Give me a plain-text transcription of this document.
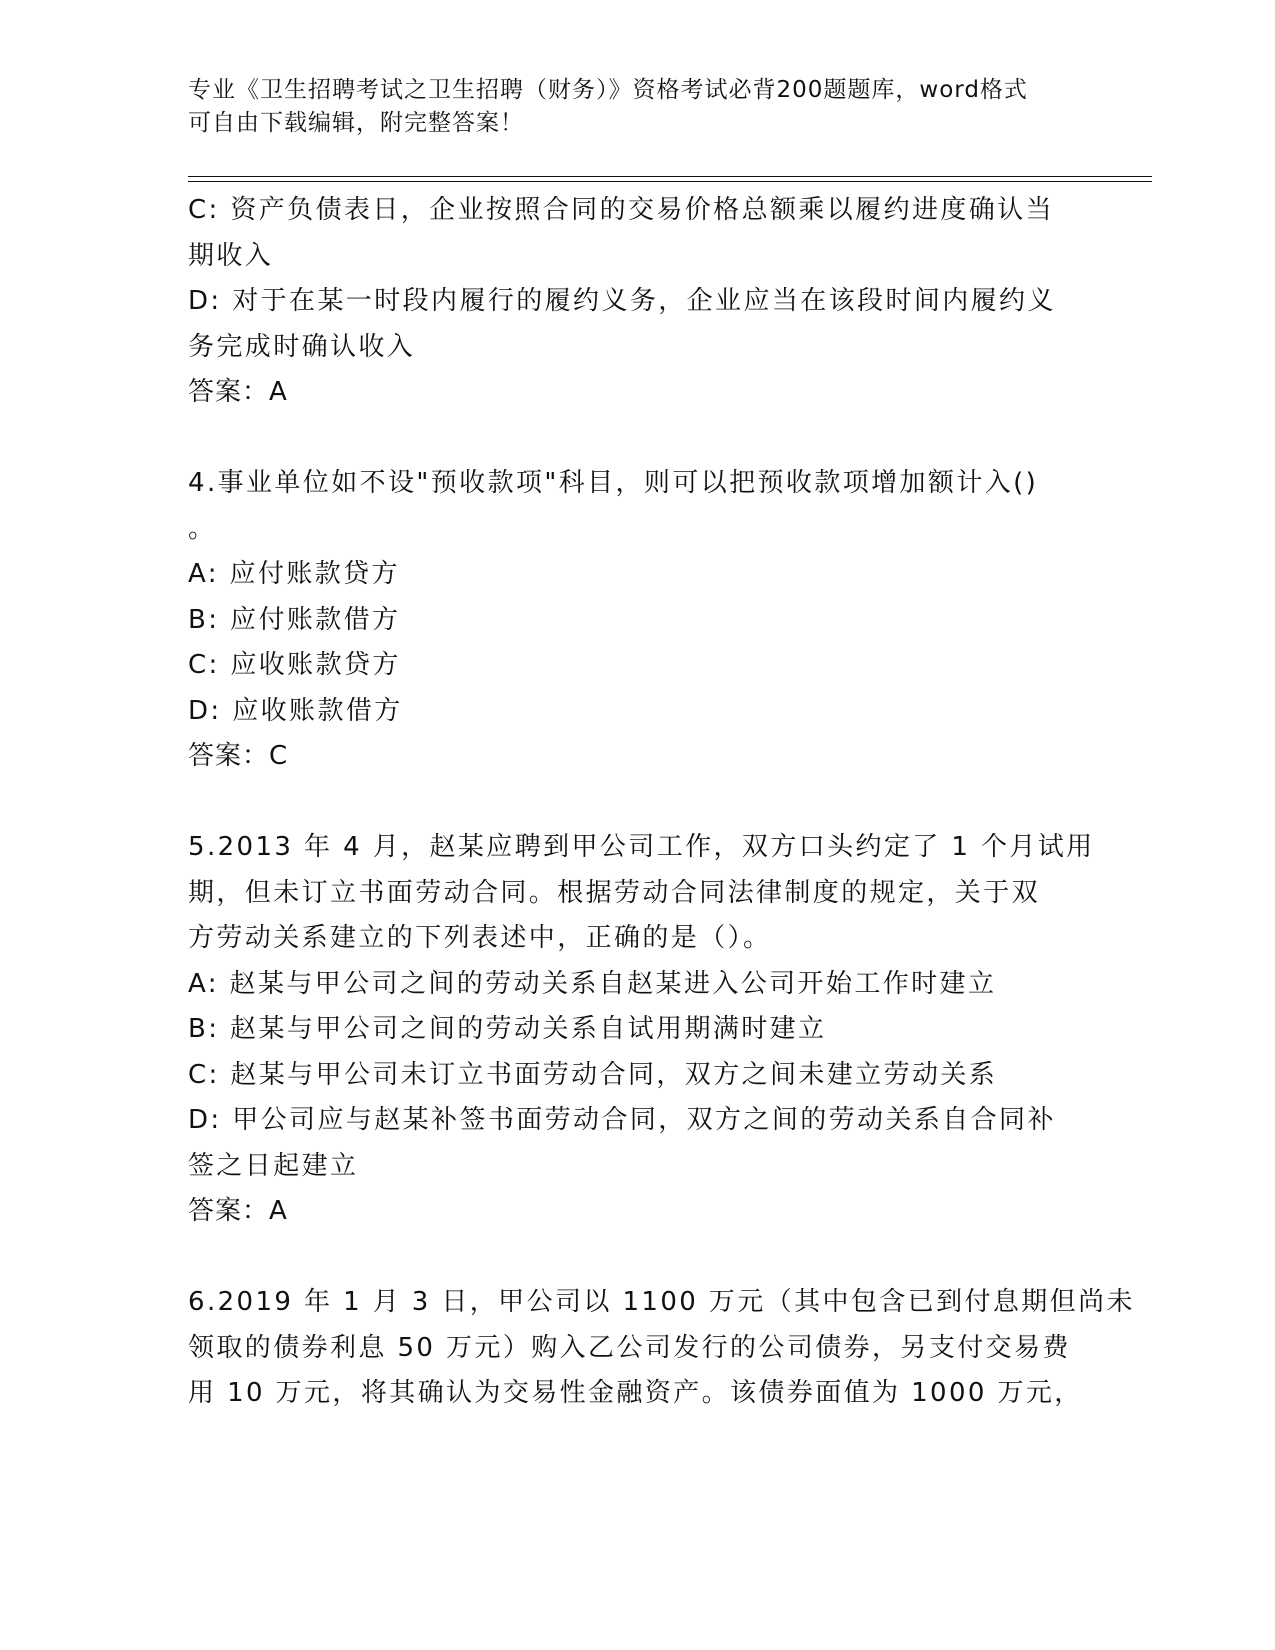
专业《卫生招聘考试之卫生招聘（财务）》资格考试必背200题题库，word格式
可自由下载编辑，附完整答案！
C: 资产负债表日，企业按照合同的交易价格总额乘以履约进度确认当
期收入
D: 对于在某一时段内履行的履约义务，企业应当在该段时间内履约义
务完成时确认收入
答案：A
4.事业单位如不设"预收款项"科目，则可以把预收款项增加额计入()
。
A: 应付账款贷方
B: 应付账款借方
C: 应收账款贷方
D: 应收账款借方
答案：C
5.2013 年 4 月，赵某应聘到甲公司工作，双方口头约定了 1 个月试用
期，但未订立书面劳动合同。根据劳动合同法律制度的规定，关于双
方劳动关系建立的下列表述中，正确的是（）。
A: 赵某与甲公司之间的劳动关系自赵某进入公司开始工作时建立
B: 赵某与甲公司之间的劳动关系自试用期满时建立
C: 赵某与甲公司未订立书面劳动合同，双方之间未建立劳动关系
D: 甲公司应与赵某补签书面劳动合同，双方之间的劳动关系自合同补
签之日起建立
答案：A
6.2019 年 1 月 3 日，甲公司以 1100 万元（其中包含已到付息期但尚未
领取的债券利息 50 万元）购入乙公司发行的公司债券，另支付交易费
用 10 万元，将其确认为交易性金融资产。该债券面值为 1000 万元，
